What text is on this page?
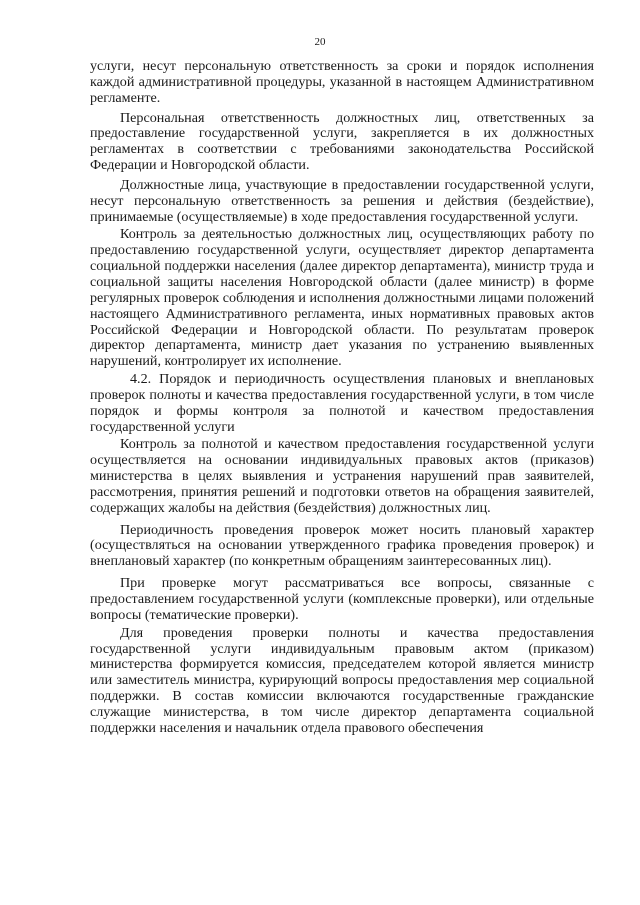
20

услуги, несут персональную ответственность за сроки и порядок исполнения каждой административной процедуры, указанной в настоящем Административном регламенте.

Персональная ответственность должностных лиц, ответственных за предоставление государственной услуги, закрепляется в их должностных регламентах в соответствии с требованиями законодательства Российской Федерации и Новгородской области.

Должностные лица, участвующие в предоставлении государственной услуги, несут персональную ответственность за решения и действия (бездействие), принимаемые (осуществляемые) в ходе предоставления государственной услуги.

Контроль за деятельностью должностных лиц, осуществляющих работу по предоставлению государственной услуги, осуществляет директор департамента социальной поддержки населения (далее директор департамента), министр труда и социальной защиты населения Новгородской области (далее министр) в форме регулярных проверок соблюдения и исполнения должностными лицами положений настоящего Административного регламента, иных нормативных правовых актов Российской Федерации и Новгородской области. По результатам проверок директор департамента, министр дает указания по устранению выявленных нарушений, контролирует их исполнение.

4.2. Порядок и периодичность осуществления плановых и внеплановых проверок полноты и качества предоставления государственной услуги, в том числе порядок и формы контроля за полнотой и качеством предоставления государственной услуги

Контроль за полнотой и качеством предоставления государственной услуги осуществляется на основании индивидуальных правовых актов (приказов) министерства в целях выявления и устранения нарушений прав заявителей, рассмотрения, принятия решений и подготовки ответов на обращения заявителей, содержащих жалобы на действия (бездействия) должностных лиц.

Периодичность проведения проверок может носить плановый характер (осуществляться на основании утвержденного графика проведения проверок) и внеплановый характер (по конкретным обращениям заинтересованных лиц).

При проверке могут рассматриваться все вопросы, связанные с предоставлением государственной услуги (комплексные проверки), или отдельные вопросы (тематические проверки).

Для проведения проверки полноты и качества предоставления государственной услуги индивидуальным правовым актом (приказом) министерства формируется комиссия, председателем которой является министр или заместитель министра, курирующий вопросы предоставления мер социальной поддержки. В состав комиссии включаются государственные гражданские служащие министерства, в том числе директор департамента социальной поддержки населения и начальник отдела правового обеспечения
